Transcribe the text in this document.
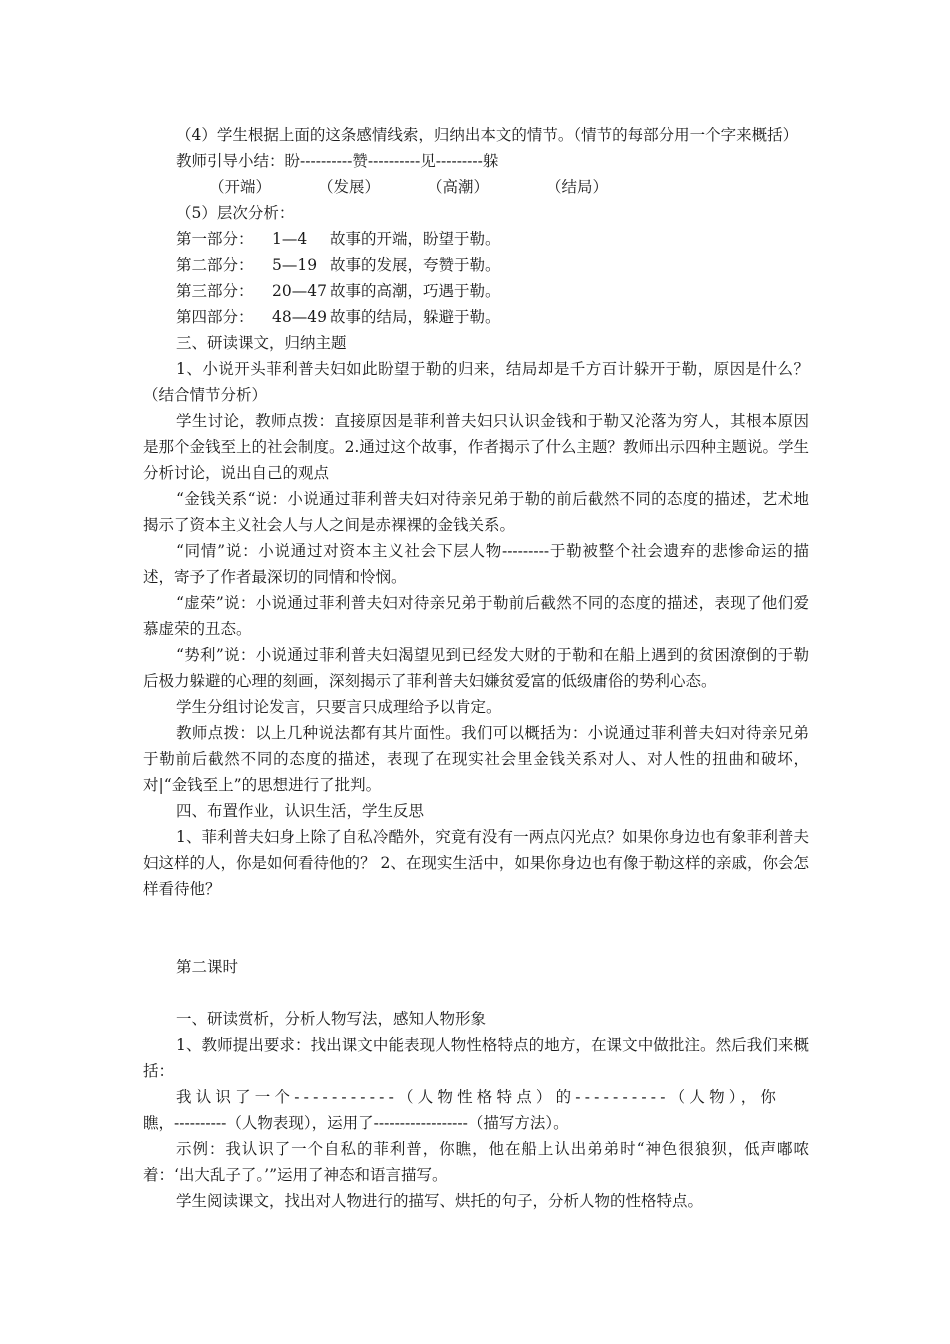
（4）学生根据上面的这条感情线索，归纳出本文的情节。（情节的每部分用一个字来概括）

教师引导小结：盼----------赞----------见---------躲

（开端）	（发展）	（高潮）	（结局）

（5）层次分析：

第一部分：	1—4	故事的开端，盼望于勒。
第二部分：	5—19 故事的发展，夸赞于勒。
第三部分：	20—47 故事的高潮，巧遇于勒。
第四部分：	48—49 故事的结局，躲避于勒。

三、研读课文，归纳主题

1、小说开头菲利普夫妇如此盼望于勒的归来，结局却是千方百计躲开于勒，原因是什么？（结合情节分析）

学生讨论，教师点拨：直接原因是菲利普夫妇只认识金钱和于勒又沦落为穷人，其根本原因是那个金钱至上的社会制度。2.通过这个故事，作者揭示了什么主题？教师出示四种主题说。学生分析讨论，说出自己的观点

“金钱关系“说：小说通过菲利普夫妇对待亲兄弟于勒的前后截然不同的态度的描述，艺术地揭示了资本主义社会人与人之间是赤裸裸的金钱关系。

“同情”说：小说通过对资本主义社会下层人物---------于勒被整个社会遗弃的悲惨命运的描述，寄予了作者最深切的同情和怜悯。

“虚荣”说：小说通过菲利普夫妇对待亲兄弟于勒前后截然不同的态度的描述，表现了他们爱慕虚荣的丑态。

“势利”说：小说通过菲利普夫妇渴望见到已经发大财的于勒和在船上遇到的贫困潦倒的于勒后极力躲避的心理的刻画，深刻揭示了菲利普夫妇嫌贫爱富的低级庸俗的势利心态。

学生分组讨论发言，只要言只成理给予以肯定。

教师点拨：以上几种说法都有其片面性。我们可以概括为：小说通过菲利普夫妇对待亲兄弟于勒前后截然不同的态度的描述，表现了在现实社会里金钱关系对人、对人性的扭曲和破坏，对|“金钱至上”的思想进行了批判。

四、布置作业，认识生活，学生反思

1、菲利普夫妇身上除了自私冷酷外，究竟有没有一两点闪光点？如果你身边也有象菲利普夫妇这样的人，你是如何看待他的？ 2、在现实生活中，如果你身边也有像于勒这样的亲戚，你会怎样看待他？

第二课时

一、研读赏析，分析人物写法，感知人物形象

1、教师提出要求：找出课文中能表现人物性格特点的地方，在课文中做批注。然后我们来概括：

我认识了一个-----------（人物性格特点）的----------（人物），你

瞧，----------（人物表现），运用了------------------（描写方法）。

示例：我认识了一个自私的菲利普，你瞧，他在船上认出弟弟时“神色很狼狈，低声嘟哝着：‘出大乱子了。’”运用了神态和语言描写。

学生阅读课文，找出对人物进行的描写、烘托的句子，分析人物的性格特点。
